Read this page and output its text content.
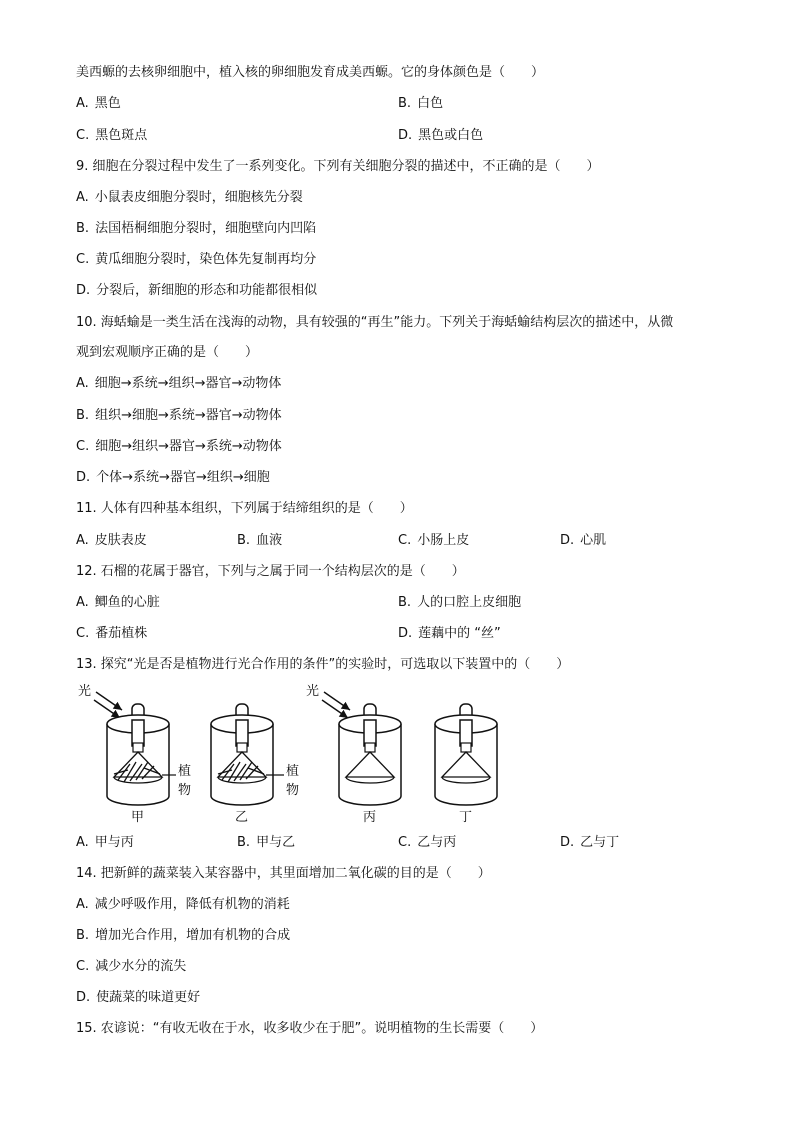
美西螈的去核卵细胞中，植入核的卵细胞发育成美西螈。它的身体颜色是（　　）
A. 黑色	B. 白色
C. 黑色斑点	D. 黑色或白色
9. 细胞在分裂过程中发生了一系列变化。下列有关细胞分裂的描述中，不正确的是（　　）
A. 小鼠表皮细胞分裂时，细胞核先分裂
B. 法国梧桐细胞分裂时，细胞壁向内凹陷
C. 黄瓜细胞分裂时，染色体先复制再均分
D. 分裂后，新细胞的形态和功能都很相似
10. 海蛞蝓是一类生活在浅海的动物，具有较强的“再生”能力。下列关于海蛞蝓结构层次的描述中，从微
观到宏观顺序正确的是（　　）
A. 细胞→系统→组织→器官→动物体
B. 组织→细胞→系统→器官→动物体
C. 细胞→组织→器官→系统→动物体
D. 个体→系统→器官→组织→细胞
11. 人体有四种基本组织，下列属于结缔组织的是（　　）
A. 皮肤表皮	B. 血液	C. 小肠上皮	D. 心肌
12. 石榴的花属于器官，下列与之属于同一个结构层次的是（　　）
A. 鲫鱼的心脏	B. 人的口腔上皮细胞
C. 番茄植株	D. 莲藕中的 “丝”
13. 探究“光是否是植物进行光合作用的条件”的实验时，可选取以下装置中的（　　）
光
植
物
甲
植
物
乙
光
丙	丁
A. 甲与丙	B. 甲与乙	C. 乙与丙	D. 乙与丁
14. 把新鲜的蔬菜装入某容器中，其里面增加二氧化碳的目的是（　　）
A. 减少呼吸作用，降低有机物的消耗
B. 增加光合作用，增加有机物的合成
C. 减少水分的流失
D. 使蔬菜的味道更好
15. 农谚说：“有收无收在于水，收多收少在于肥”。说明植物的生长需要（　　）
